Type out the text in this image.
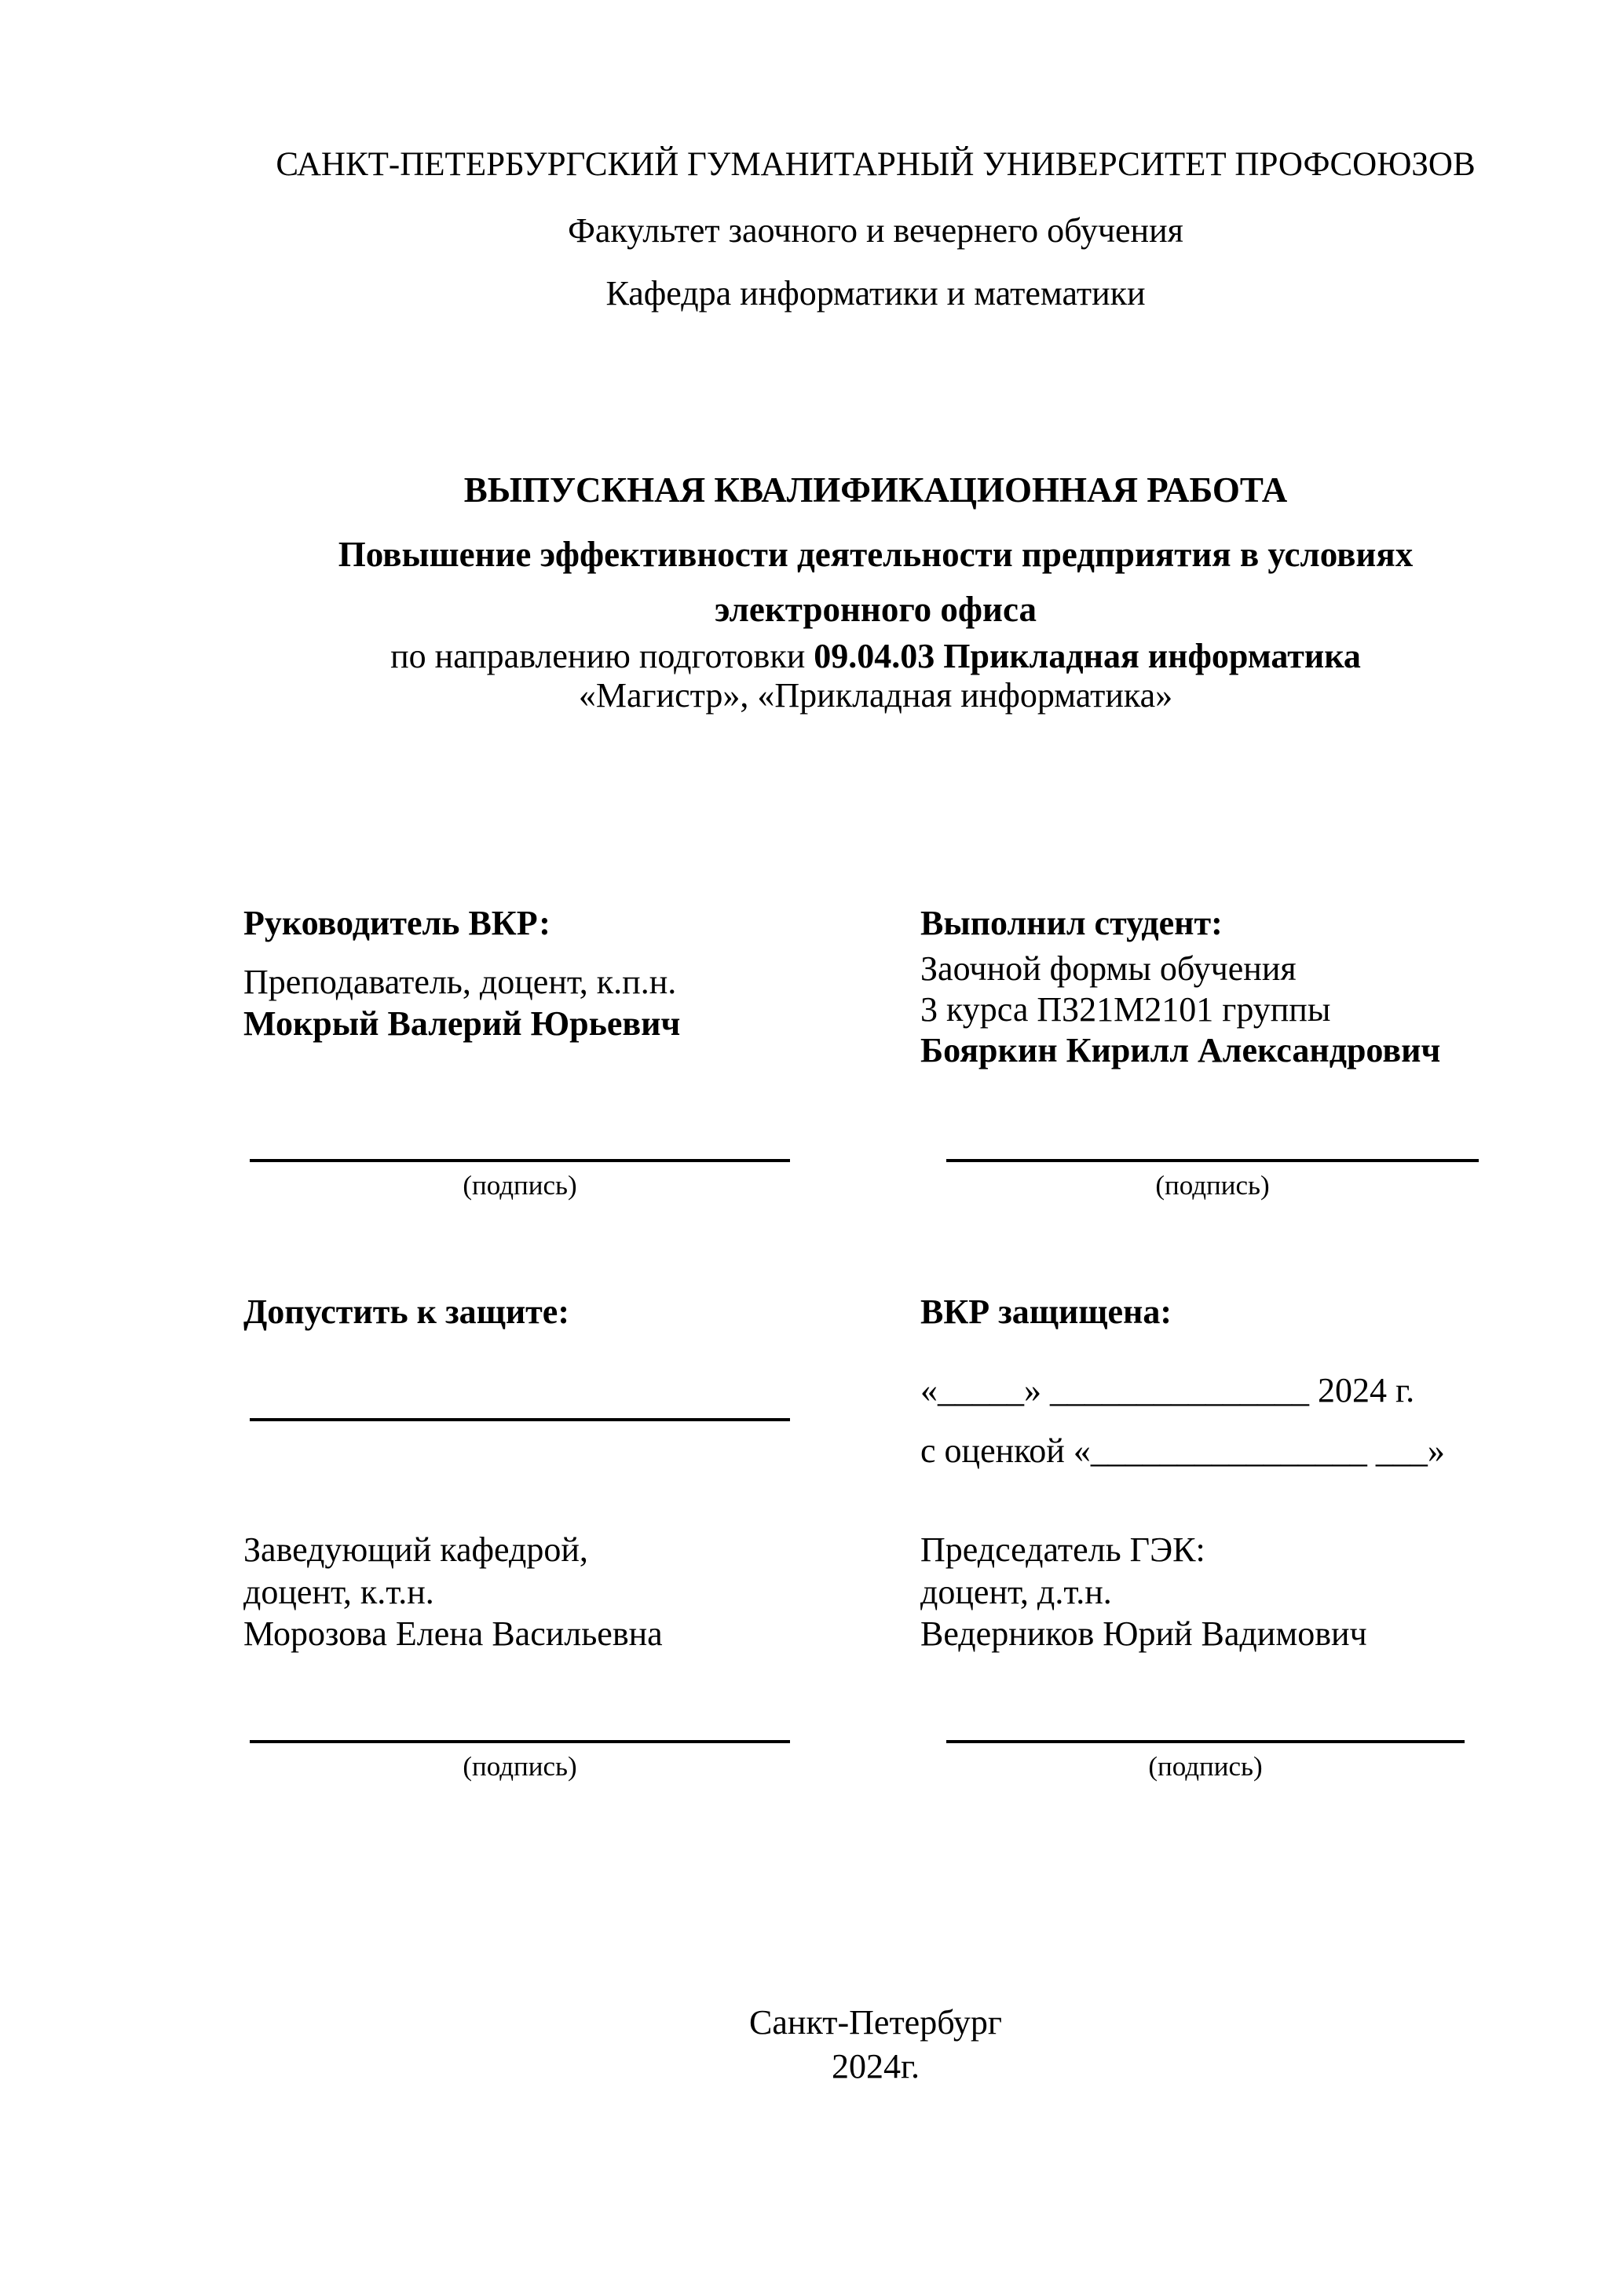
САНКТ-ПЕТЕРБУРГСКИЙ ГУМАНИТАРНЫЙ УНИВЕРСИТЕТ ПРОФСОЮЗОВ
Факультет заочного и вечернего обучения
Кафедра информатики и математики
ВЫПУСКНАЯ КВАЛИФИКАЦИОННАЯ РАБОТА
Повышение эффективности деятельности предприятия в условиях электронного офиса
по направлению подготовки 09.04.03 Прикладная информатика
«Магистр», «Прикладная информатика»
Руководитель ВКР:
Преподаватель, доцент, к.п.н.
Мокрый Валерий Юрьевич
Выполнил студент:
Заочной формы обучения
3 курса ПЗ21М2101 группы
Бояркин Кирилл Александрович
(подпись)	(подпись)
Допустить к защите:	ВКР защищена:
«_____» _______________ 2024 г.
с оценкой «________________ ___»
Заведующий кафедрой,
доцент, к.т.н.
Морозова Елена Васильевна
Председатель ГЭК:
доцент, д.т.н.
Ведерников Юрий Вадимович
(подпись)	(подпись)
Санкт-Петербург
2024г.
